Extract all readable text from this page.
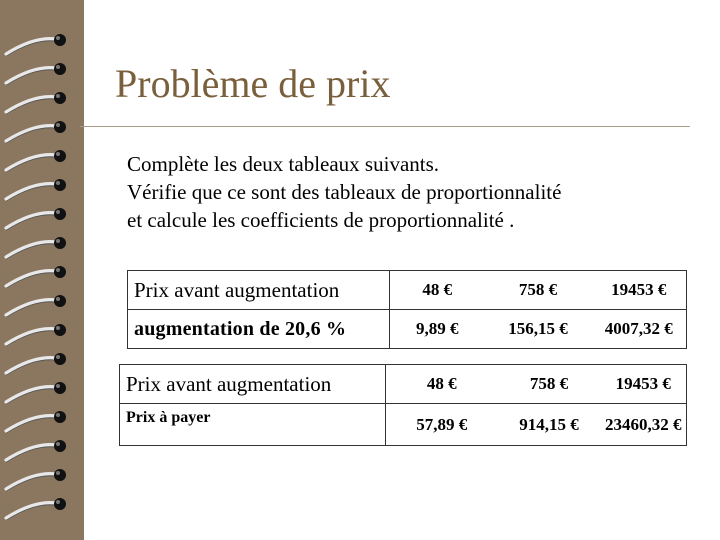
Problème de prix
Complète les deux tableaux suivants.
Vérifie que ce sont des tableaux de proportionnalité
et calcule les coefficients de proportionnalité .
Prix avant augmentation	48 €	758 €	19453 €
augmentation de 20,6 %	9,89 €	156,15 €	4007,32 €
Prix avant augmentation	48 €	758 €	19453 €
Prix à payer	57,89 €	914,15 €	23460,32 €
